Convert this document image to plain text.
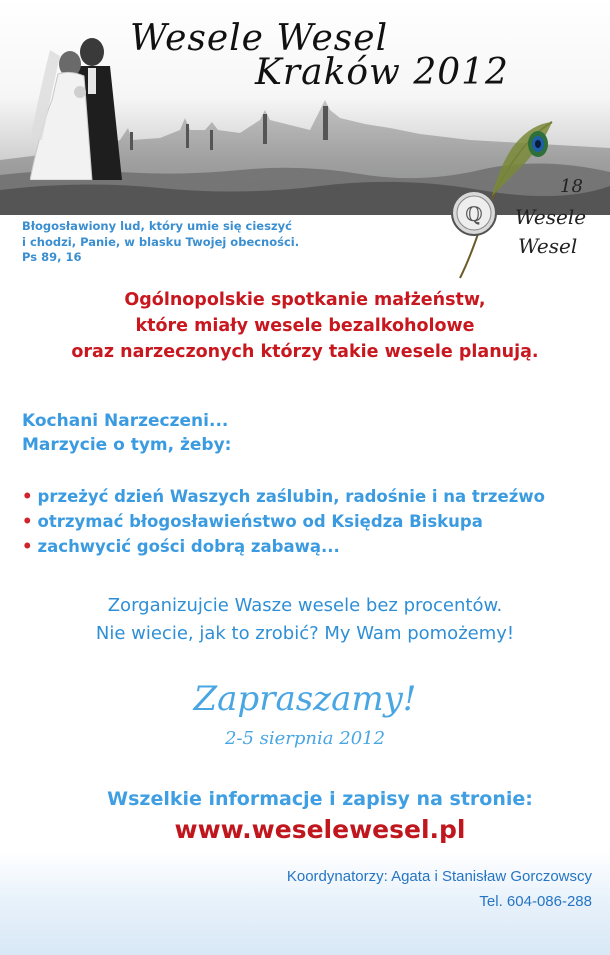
Wesele Wesel
Kraków 2012
ℚ
18
Wesele
Wesel
Błogosławiony lud, który umie się cieszyć
i chodzi, Panie, w blasku Twojej obecności.
Ps 89, 16
Ogólnopolskie spotkanie małżeństw,
które miały wesele bezalkoholowe
oraz narzeczonych którzy takie wesele planują.
Kochani Narzeczeni...
Marzycie o tym, żeby:
• przeżyć dzień Waszych zaślubin, radośnie i na trzeźwo
• otrzymać błogosławieństwo od Księdza Biskupa
• zachwycić gości dobrą zabawą...
Zorganizujcie Wasze wesele bez procentów.
Nie wiecie, jak to zrobić? My Wam pomożemy!
Zapraszamy!
2-5 sierpnia 2012
Wszelkie informacje i zapisy na stronie:
www.weselewesel.pl
Koordynatorzy: Agata i Stanisław Gorczowscy
Tel. 604-086-288
